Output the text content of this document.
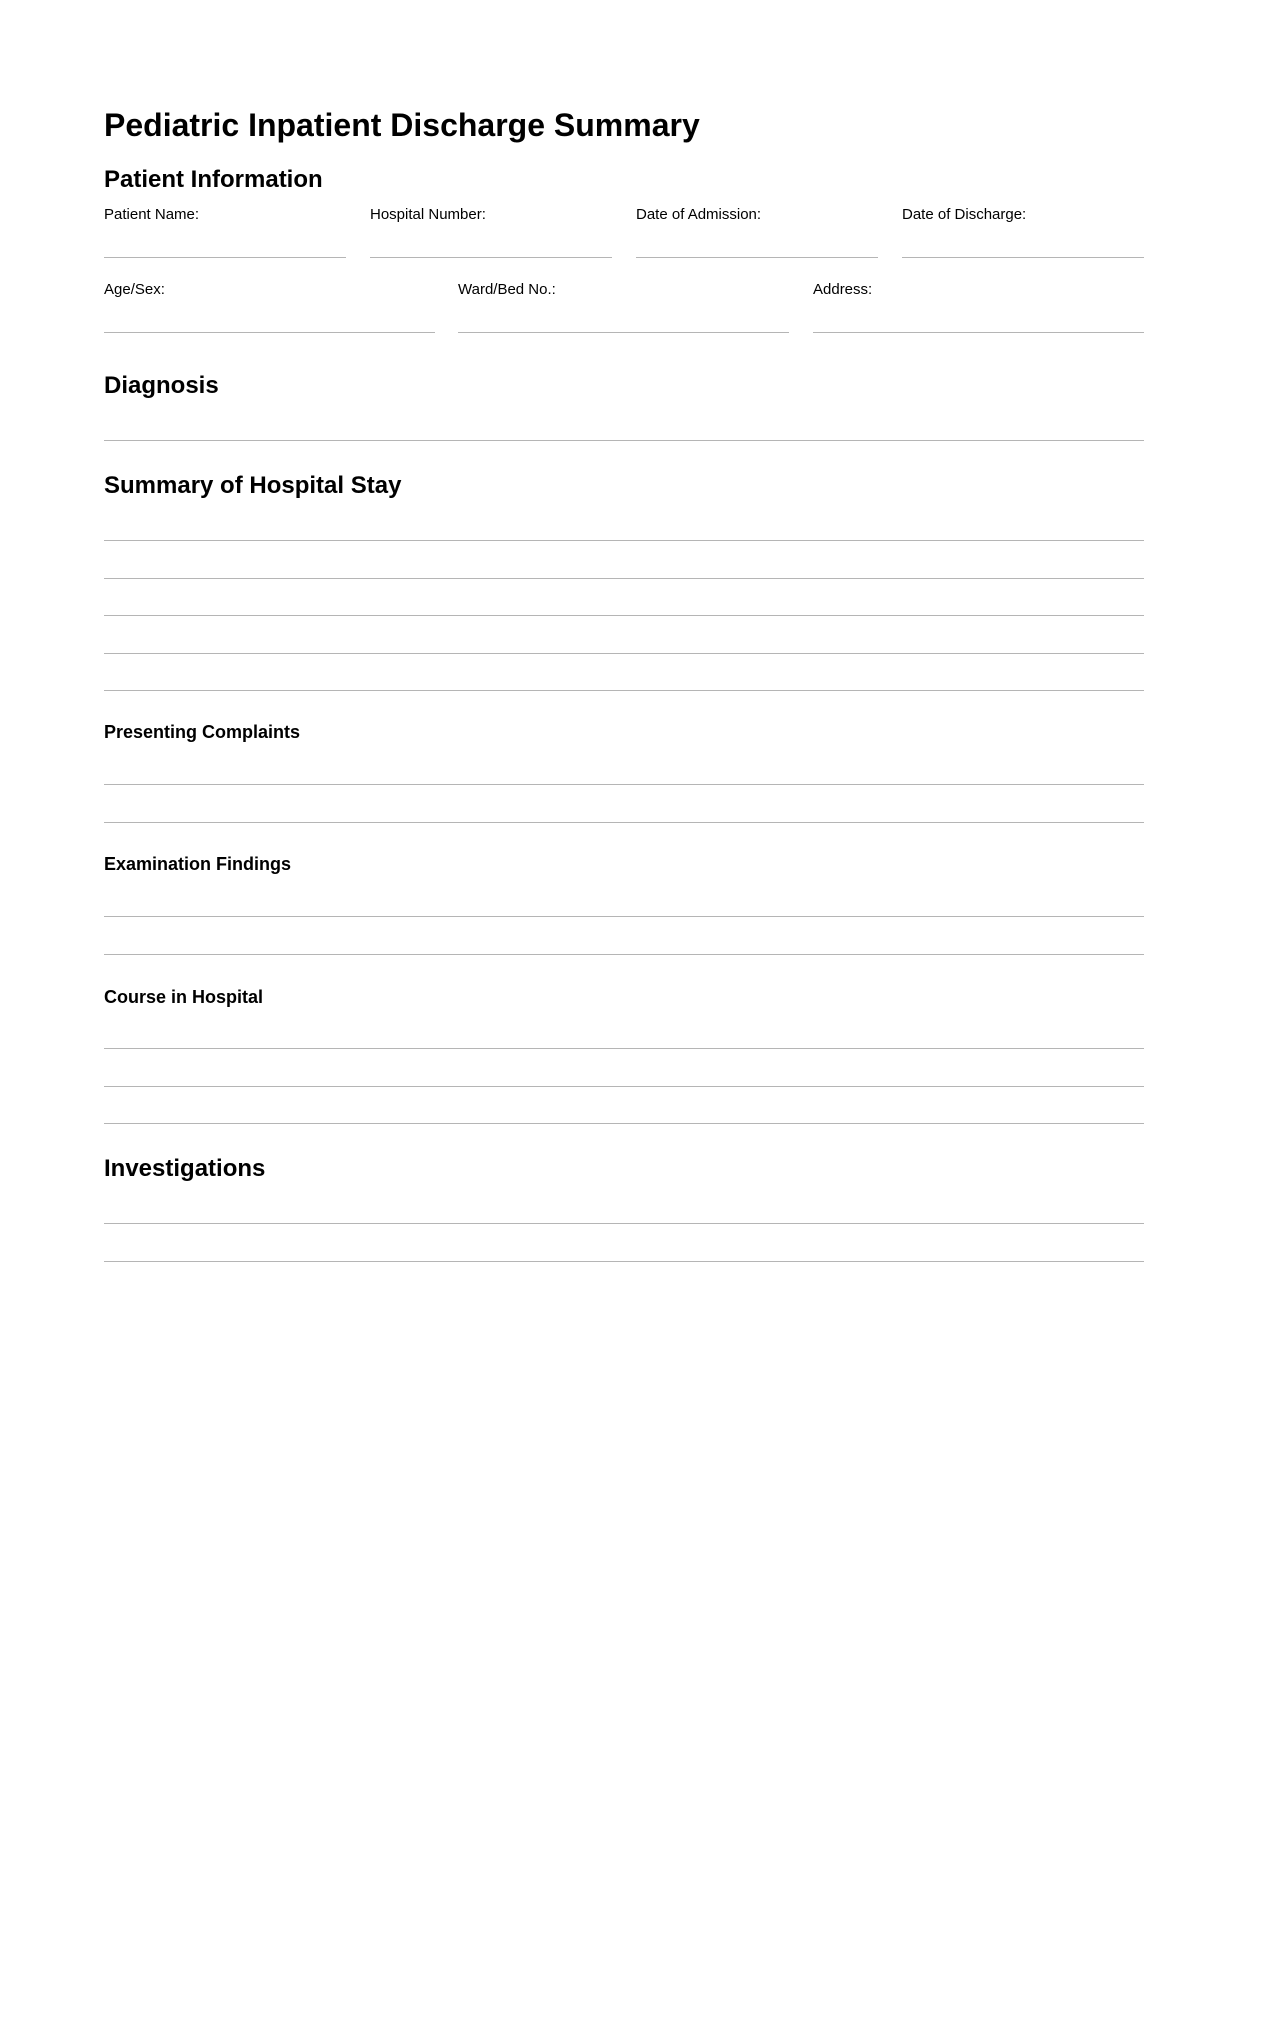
Pediatric Inpatient Discharge Summary
Patient Information
Patient Name:	Hospital Number:	Date of Admission:	Date of Discharge:
Age/Sex:	Ward/Bed No.:	Address:
Diagnosis
Summary of Hospital Stay
Presenting Complaints
Examination Findings
Course in Hospital
Investigations
